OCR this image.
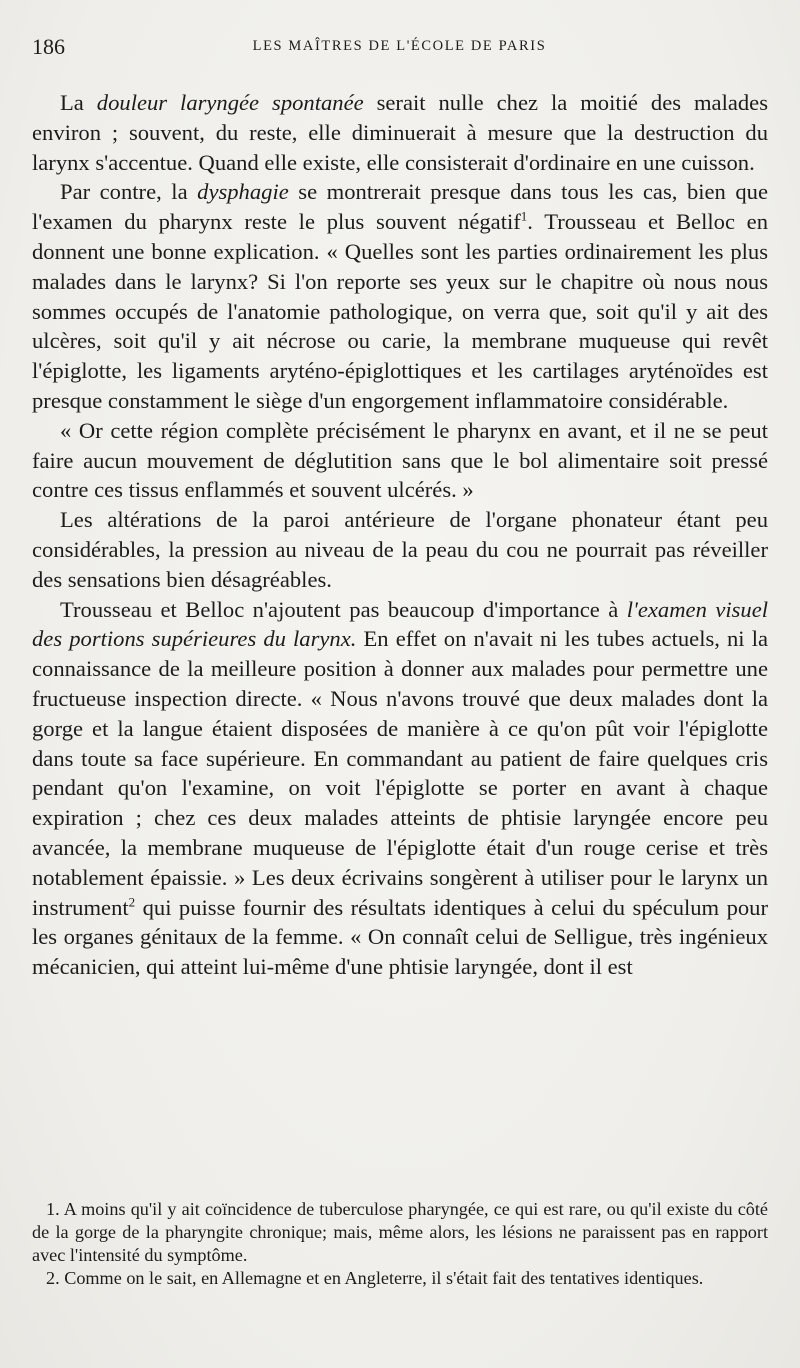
186	LES MAÎTRES DE L'ÉCOLE DE PARIS

La douleur laryngée spontanée serait nulle chez la moitié des malades environ ; souvent, du reste, elle diminuerait à mesure que la destruction du larynx s'accentue. Quand elle existe, elle consisterait d'ordinaire en une cuisson.

Par contre, la dysphagie se montrerait presque dans tous les cas, bien que l'examen du pharynx reste le plus souvent négatif$^1$. Trousseau et Belloc en donnent une bonne explication. « Quelles sont les parties ordinairement les plus malades dans le larynx? Si l'on reporte ses yeux sur le chapitre où nous nous sommes occupés de l'anatomie pathologique, on verra que, soit qu'il y ait des ulcères, soit qu'il y ait nécrose ou carie, la membrane muqueuse qui revêt l'épiglotte, les ligaments aryténo-épiglottiques et les cartilages aryténoïdes est presque constamment le siège d'un engorgement inflammatoire considérable.

« Or cette région complète précisément le pharynx en avant, et il ne se peut faire aucun mouvement de déglutition sans que le bol alimentaire soit pressé contre ces tissus enflammés et souvent ulcérés. »

Les altérations de la paroi antérieure de l'organe phonateur étant peu considérables, la pression au niveau de la peau du cou ne pourrait pas réveiller des sensations bien désagréables.

Trousseau et Belloc n'ajoutent pas beaucoup d'importance à l'examen visuel des portions supérieures du larynx. En effet on n'avait ni les tubes actuels, ni la connaissance de la meilleure position à donner aux malades pour permettre une fructueuse inspection directe. « Nous n'avons trouvé que deux malades dont la gorge et la langue étaient disposées de manière à ce qu'on pût voir l'épiglotte dans toute sa face supérieure. En commandant au patient de faire quelques cris pendant qu'on l'examine, on voit l'épiglotte se porter en avant à chaque expiration ; chez ces deux malades atteints de phtisie laryngée encore peu avancée, la membrane muqueuse de l'épiglotte était d'un rouge cerise et très notablement épaissie. » Les deux écrivains songèrent à utiliser pour le larynx un instrument$^2$ qui puisse fournir des résultats identiques à celui du spéculum pour les organes génitaux de la femme. « On connaît celui de Selligue, très ingénieux mécanicien, qui atteint lui-même d'une phtisie laryngée, dont il est

1. A moins qu'il y ait coïncidence de tuberculose pharyngée, ce qui est rare, ou qu'il existe du côté de la gorge de la pharyngite chronique; mais, même alors, les lésions ne paraissent pas en rapport avec l'intensité du symptôme.

2. Comme on le sait, en Allemagne et en Angleterre, il s'était fait des tentatives identiques.
